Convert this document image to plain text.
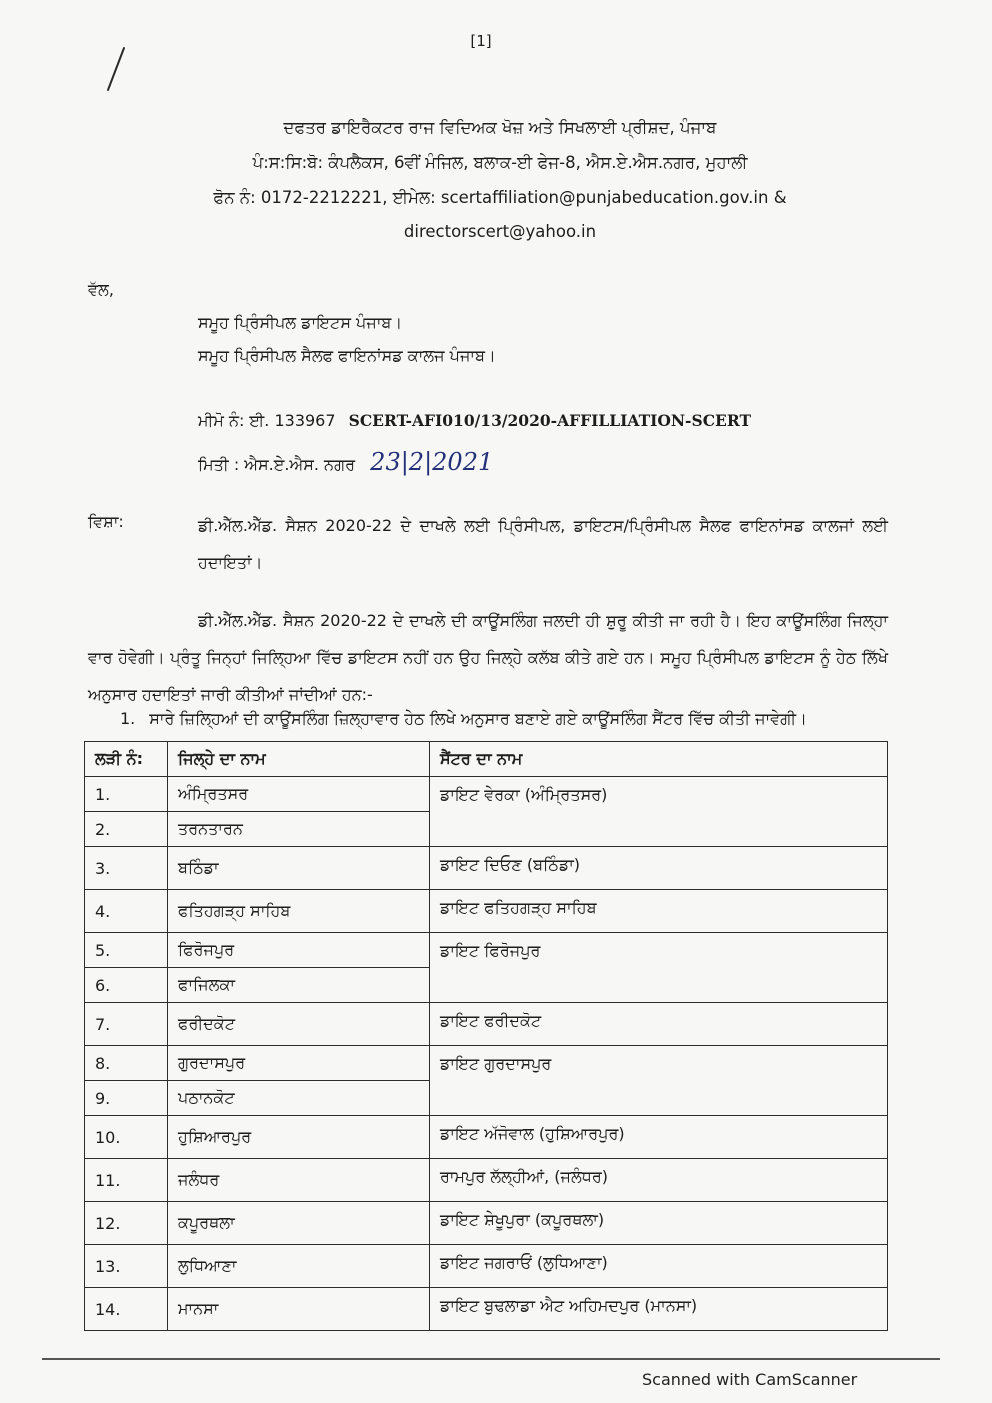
[1]
ਦਫਤਰ ਡਾਇਰੈਕਟਰ ਰਾਜ ਵਿਦਿਅਕ ਖੋਜ਼ ਅਤੇ ਸਿਖਲਾਈ ਪ੍ਰੀਸ਼ਦ, ਪੰਜਾਬ
ਪੰ:ਸ:ਸਿ:ਬੋ: ਕੰਪਲੈਕਸ, 6ਵੀਂ ਮੰਜਿਲ, ਬਲਾਕ-ਈ ਫੇਜ-8, ਐਸ.ਏ.ਐਸ.ਨਗਰ, ਮੁਹਾਲੀ
ਫੋਨ ਨੰ: 0172-2212221, ਈਮੇਲ: scertaffiliation@punjabeducation.gov.in &
directorscert@yahoo.in
ਵੱਲ,
ਸਮੂਹ ਪ੍ਰਿੰਸੀਪਲ ਡਾਇਟਸ ਪੰਜਾਬ।
ਸਮੂਹ ਪ੍ਰਿੰਸੀਪਲ ਸੈਲਫ ਫਾਇਨਾਂਸਡ ਕਾਲਜ ਪੰਜਾਬ।
ਮੀਮੋ ਨੰ: ਈ. 133967 SCERT-AFI010/13/2020-AFFILLIATION-SCERT
ਮਿਤੀ : ਐਸ.ਏ.ਐਸ. ਨਗਰ 23|2|2021
ਵਿਸ਼ਾ:	ਡੀ.ਐੱਲ.ਐੱਡ. ਸੈਸ਼ਨ 2020-22 ਦੇ ਦਾਖਲੇ ਲਈ ਪ੍ਰਿੰਸੀਪਲ, ਡਾਇਟਸ/ਪ੍ਰਿੰਸੀਪਲ ਸੈਲਫ ਫਾਇਨਾਂਸਡ ਕਾਲਜਾਂ ਲਈ ਹਦਾਇਤਾਂ।
ਡੀ.ਐੱਲ.ਐੱਡ. ਸੈਸ਼ਨ 2020-22 ਦੇ ਦਾਖਲੇ ਦੀ ਕਾਊਂਸਲਿੰਗ ਜਲਦੀ ਹੀ ਸ਼ੁਰੂ ਕੀਤੀ ਜਾ ਰਹੀ ਹੈ। ਇਹ ਕਾਊਂਸਲਿੰਗ ਜਿਲ੍ਹਾ ਵਾਰ ਹੋਵੇਗੀ। ਪ੍ਰੰਤੂ ਜਿਨ੍ਹਾਂ ਜਿਲ੍ਹਿਆ ਵਿੱਚ ਡਾਇਟਸ ਨਹੀਂ ਹਨ ਉਹ ਜਿਲ੍ਹੇ ਕਲੱਬ ਕੀਤੇ ਗਏ ਹਨ। ਸਮੂਹ ਪ੍ਰਿੰਸੀਪਲ ਡਾਇਟਸ ਨੂੰ ਹੇਠ ਲਿੱਖੇ ਅਨੁਸਾਰ ਹਦਾਇਤਾਂ ਜਾਰੀ ਕੀਤੀਆਂ ਜਾਂਦੀਆਂ ਹਨ:-
1. ਸਾਰੇ ਜ਼ਿਲ੍ਹਿਆਂ ਦੀ ਕਾਊਂਸਲਿੰਗ ਜ਼ਿਲ੍ਹਾਵਾਰ ਹੇਠ ਲਿਖੇ ਅਨੁਸਾਰ ਬਣਾਏ ਗਏ ਕਾਊਂਸਲਿੰਗ ਸੈਂਟਰ ਵਿੱਚ ਕੀਤੀ ਜਾਵੇਗੀ।
ਲੜੀ ਨੰ:	ਜਿਲ੍ਹੇ ਦਾ ਨਾਮ	ਸੈਂਟਰ ਦਾ ਨਾਮ
1.	ਅੰਮ੍ਰਿਤਸਰ	ਡਾਇਟ ਵੇਰਕਾ (ਅੰਮ੍ਰਿਤਸਰ)
2.	ਤਰਨਤਾਰਨ	
3.	ਬਠਿੰਡਾ	ਡਾਇਟ ਦਿਓਣ (ਬਠਿੰਡਾ)
4.	ਫਤਿਹਗੜ੍ਹ ਸਾਹਿਬ	ਡਾਇਟ ਫਤਿਹਗੜ੍ਹ ਸਾਹਿਬ
5.	ਫਿਰੋਜਪੁਰ	ਡਾਇਟ ਫਿਰੋਜਪੁਰ
6.	ਫਾਜਿਲਕਾ	
7.	ਫਰੀਦਕੋਟ	ਡਾਇਟ ਫਰੀਦਕੋਟ
8.	ਗੁਰਦਾਸਪੁਰ	ਡਾਇਟ ਗੁਰਦਾਸਪੁਰ
9.	ਪਠਾਨਕੋਟ	
10.	ਹੁਸ਼ਿਆਰਪੁਰ	ਡਾਇਟ ਅੱਜੋਵਾਲ (ਹੁਸ਼ਿਆਰਪੁਰ)
11.	ਜਲੰਧਰ	ਰਾਮਪੁਰ ਲੱਲ੍ਹੀਆਂ, (ਜਲੰਧਰ)
12.	ਕਪੂਰਥਲਾ	ਡਾਇਟ ਸ਼ੇਖੂਪੁਰਾ (ਕਪੂਰਥਲਾ)
13.	ਲੁਧਿਆਣਾ	ਡਾਇਟ ਜਗਰਾਓਂ (ਲੁਧਿਆਣਾ)
14.	ਮਾਨਸਾ	ਡਾਇਟ ਬੁਢਲਾਡਾ ਐਟ ਅਹਿਮਦਪੁਰ (ਮਾਨਸਾ)
Scanned with CamScanner
